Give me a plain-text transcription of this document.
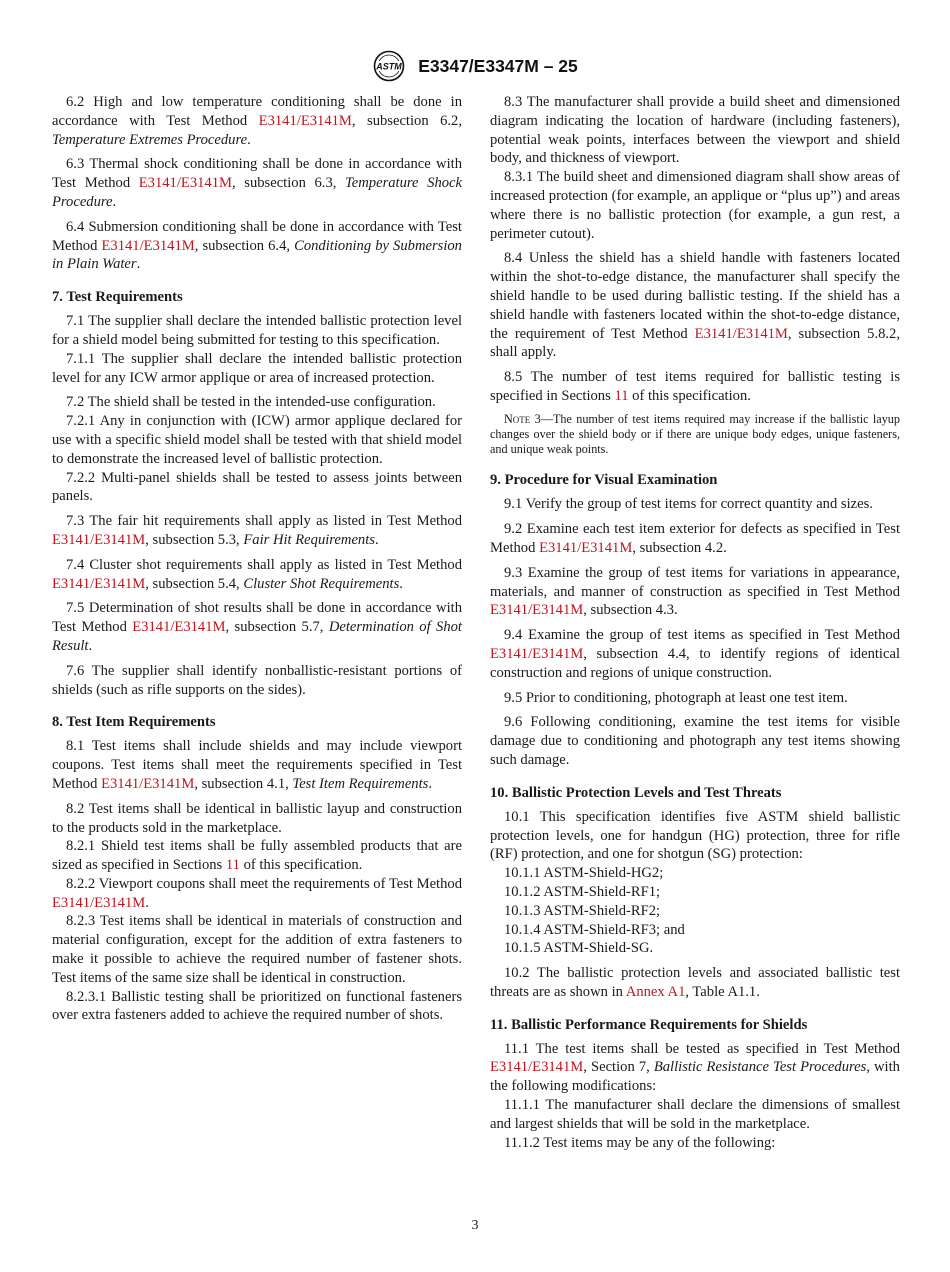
ASTM E3347/E3347M – 25

6.2 High and low temperature conditioning shall be done in accordance with Test Method E3141/E3141M, subsection 6.2, Temperature Extremes Procedure.

6.3 Thermal shock conditioning shall be done in accordance with Test Method E3141/E3141M, subsection 6.3, Temperature Shock Procedure.

6.4 Submersion conditioning shall be done in accordance with Test Method E3141/E3141M, subsection 6.4, Conditioning by Submersion in Plain Water.

7. Test Requirements

7.1 The supplier shall declare the intended ballistic protection level for a shield model being submitted for testing to this specification.

7.1.1 The supplier shall declare the intended ballistic protection level for any ICW armor applique or area of increased protection.

7.2 The shield shall be tested in the intended-use configuration.

7.2.1 Any in conjunction with (ICW) armor applique declared for use with a specific shield model shall be tested with that shield model to demonstrate the increased level of ballistic protection.

7.2.2 Multi-panel shields shall be tested to assess joints between panels.

7.3 The fair hit requirements shall apply as listed in Test Method E3141/E3141M, subsection 5.3, Fair Hit Requirements.

7.4 Cluster shot requirements shall apply as listed in Test Method E3141/E3141M, subsection 5.4, Cluster Shot Requirements.

7.5 Determination of shot results shall be done in accordance with Test Method E3141/E3141M, subsection 5.7, Determination of Shot Result.

7.6 The supplier shall identify nonballistic-resistant portions of shields (such as rifle supports on the sides).

8. Test Item Requirements

8.1 Test items shall include shields and may include viewport coupons. Test items shall meet the requirements specified in Test Method E3141/E3141M, subsection 4.1, Test Item Requirements.

8.2 Test items shall be identical in ballistic layup and construction to the products sold in the marketplace.

8.2.1 Shield test items shall be fully assembled products that are sized as specified in Sections 11 of this specification.

8.2.2 Viewport coupons shall meet the requirements of Test Method E3141/E3141M.

8.2.3 Test items shall be identical in materials of construction and material configuration, except for the addition of extra fasteners to make it possible to achieve the required number of fastener shots. Test items of the same size shall be identical in construction.

8.2.3.1 Ballistic testing shall be prioritized on functional fasteners over extra fasteners added to achieve the required number of shots.

8.3 The manufacturer shall provide a build sheet and dimensioned diagram indicating the location of hardware (including fasteners), potential weak points, interfaces between the viewport and shield body, and thickness of viewport.

8.3.1 The build sheet and dimensioned diagram shall show areas of increased protection (for example, an applique or “plus up”) and areas where there is no ballistic protection (for example, a gun rest, a perimeter cutout).

8.4 Unless the shield has a shield handle with fasteners located within the shot-to-edge distance, the manufacturer shall specify the shield handle to be used during ballistic testing. If the shield has a shield handle with fasteners located within the shot-to-edge distance, the requirement of Test Method E3141/E3141M, subsection 5.8.2, shall apply.

8.5 The number of test items required for ballistic testing is specified in Sections 11 of this specification.

Note 3—The number of test items required may increase if the ballistic layup changes over the shield body or if there are unique body edges, unique fasteners, and unique weak points.
9. Procedure for Visual Examination

9.1 Verify the group of test items for correct quantity and sizes.

9.2 Examine each test item exterior for defects as specified in Test Method E3141/E3141M, subsection 4.2.

9.3 Examine the group of test items for variations in appearance, materials, and manner of construction as specified in Test Method E3141/E3141M, subsection 4.3.

9.4 Examine the group of test items as specified in Test Method E3141/E3141M, subsection 4.4, to identify regions of identical construction and regions of unique construction.

9.5 Prior to conditioning, photograph at least one test item.

9.6 Following conditioning, examine the test items for visible damage due to conditioning and photograph any test items showing such damage.

10. Ballistic Protection Levels and Test Threats

10.1 This specification identifies five ASTM shield ballistic protection levels, one for handgun (HG) protection, three for rifle (RF) protection, and one for shotgun (SG) protection:

10.1.1 ASTM-Shield-HG2;
10.1.2 ASTM-Shield-RF1;
10.1.3 ASTM-Shield-RF2;
10.1.4 ASTM-Shield-RF3; and
10.1.5 ASTM-Shield-SG.

10.2 The ballistic protection levels and associated ballistic test threats are as shown in Annex A1, Table A1.1.

11. Ballistic Performance Requirements for Shields

11.1 The test items shall be tested as specified in Test Method E3141/E3141M, Section 7, Ballistic Resistance Test Procedures, with the following modifications:

11.1.1 The manufacturer shall declare the dimensions of smallest and largest shields that will be sold in the marketplace.

11.1.2 Test items may be any of the following:

3
